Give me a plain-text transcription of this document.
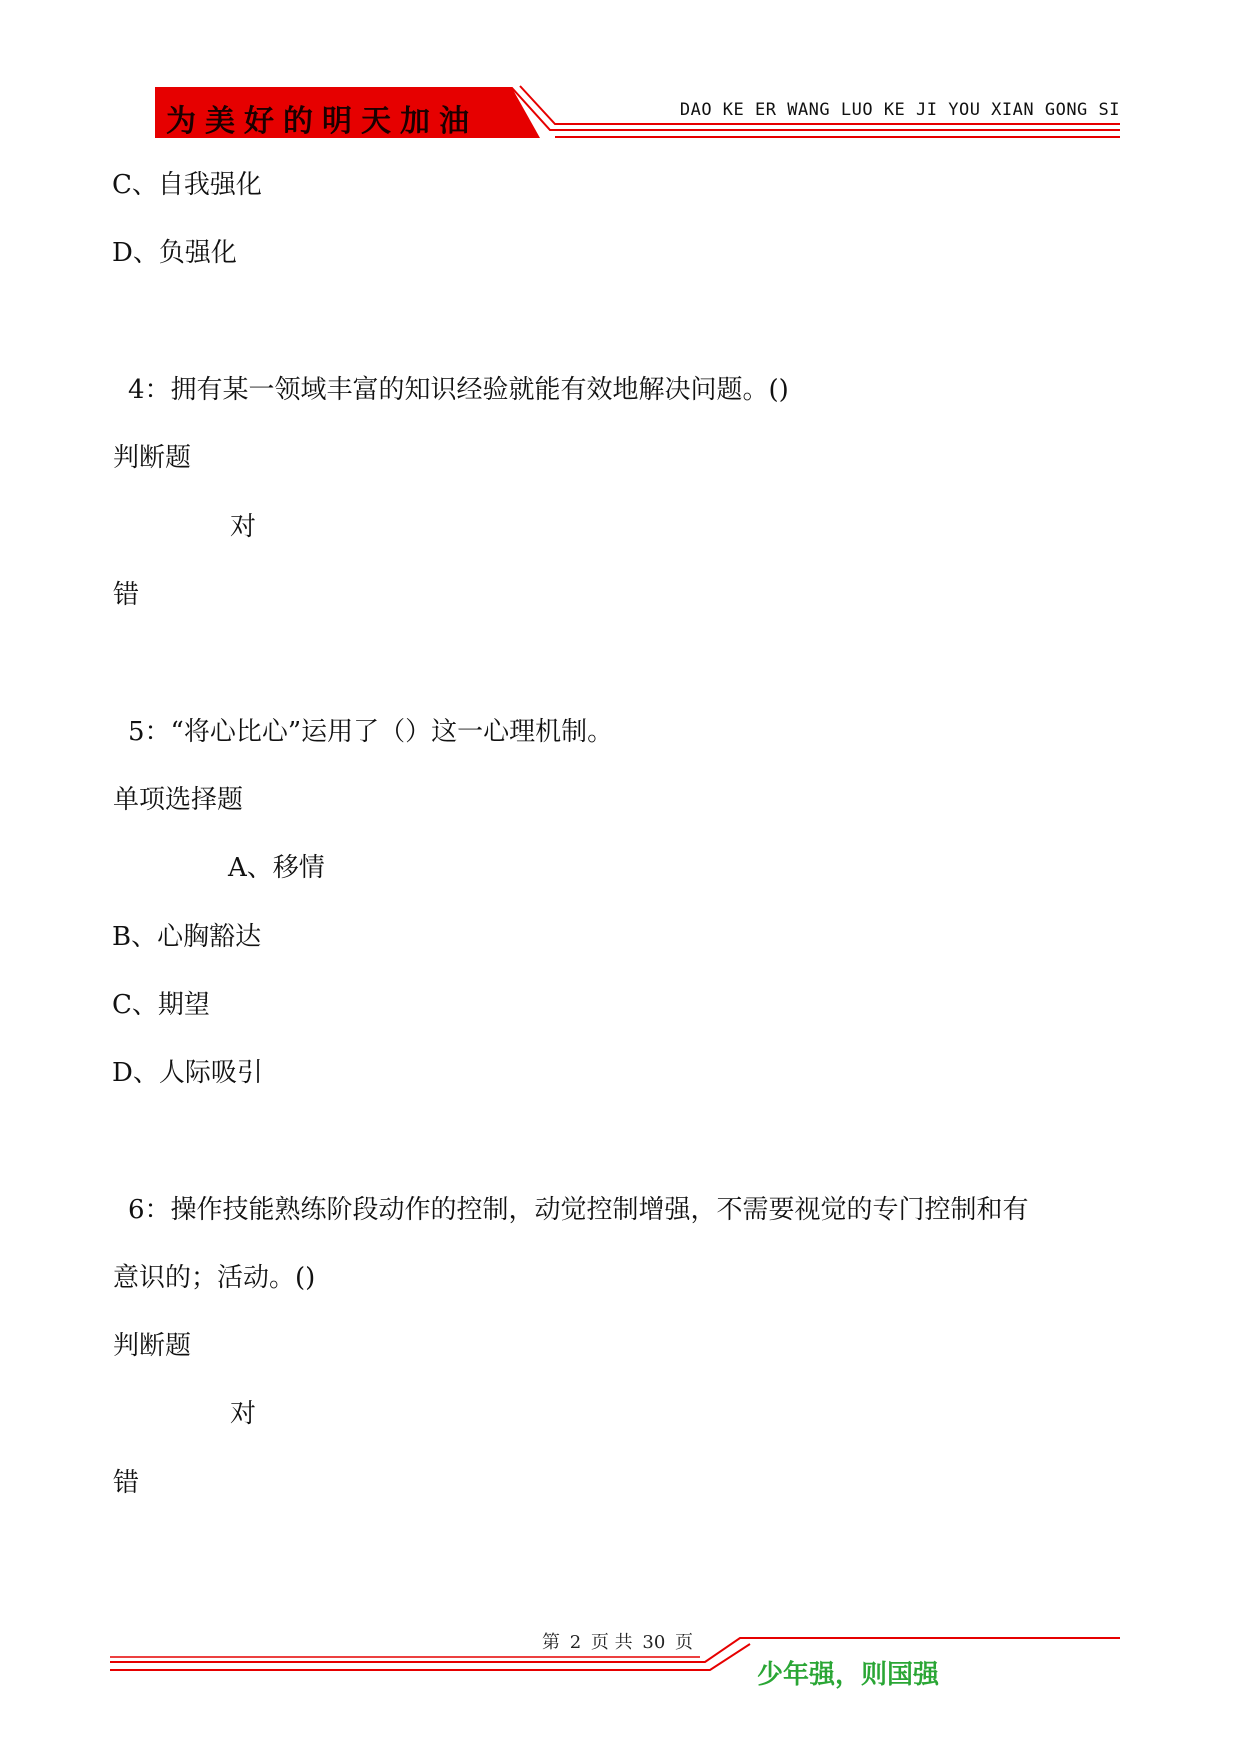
为美好的明天加油	DAO KE ER WANG LUO KE JI YOU XIAN GONG SI
C、自我强化
D、负强化
4：拥有某一领域丰富的知识经验就能有效地解决问题。()
判断题
对
错
5：“将心比心”运用了（）这一心理机制。
单项选择题
A、移情
B、心胸豁达
C、期望
D、人际吸引
6：操作技能熟练阶段动作的控制，动觉控制增强，不需要视觉的专门控制和有
意识的；活动。()
判断题
对
错
第 2 页 共 30 页
少年强，则国强
